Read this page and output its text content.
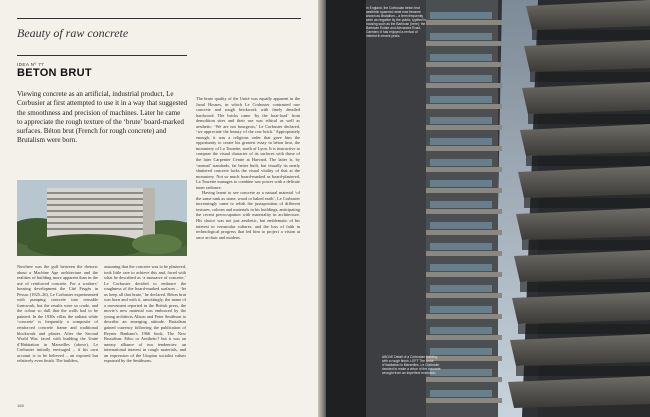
Beauty of raw concrete
IDEA Nº 77
BETON BRUT
Viewing concrete as an artificial, industrial product, Le Corbusier at first attempted to use it in a way that suggested the smoothness and precision of machines. Later he came to appreciate the rough texture of the ‘brute’ board-marked surfaces. Béton brut (French for rough concrete) and Brutalism were born.

Nowhere was the gulf between the rhetoric about a Machine Age architecture and the realities of building more apparent than in the use of reinforced concrete. For a workers’ housing development the Cité Frugès in Pessac (1925–26), Le Corbusier experimented with pumping concrete into reusable formwork, but the results were so crude, and the colour so dull that the walls had to be painted. In the 1930s villas the radiant white ‘concrete’ is frequently a composite of reinforced concrete frame and traditional blockwork and plaster. After the Second World War, faced with building the Unité d’Habitation in Marseilles (above), Le Corbusier initially envisaged – if his own account is to be believed – an exposed but relatively even finish. The builders,

assuming that the concrete was to be plastered, took little care to achieve this and, faced with what he described as ‘a massacre of concrete,’ Le Corbusier decided to embrace the roughness of the board-marked surfaces – ‘let us keep all that brute,’ he declared. Béton brut was born and with it, unwittingly, the name of a movement reported in the British press, the movie’s new material was embraced by the young architects Alison and Peter Smithson to describe an emerging attitude. Brutalism gained currency following the publication of Reyner Banham’s 1966 book, The New Brutalism: Ethic or Aesthetic? but it was an uneasy alliance of two tendencies: an international interest in rough materials, and an expression of the Utopian socialist values espoused by the Smithsons.

The brute quality of the Unité was equally apparent in the Jaoul Houses, in which Le Corbusier contrasted raw concrete and rough brickwork with finely detailed hardwood. The bricks came ‘by the boat-load’ from demolition sites and their use was ethical as well as aesthetic: ‘We are not bourgeois,’ Le Corbusier declared, ‘we appreciate the beauty of the raw brick.’ Appropriately enough, it was a religious order that gave him the opportunity to create his greatest essay in béton brut, the monastery of La Tourette, north of Lyon. It is instructive to compare the visual character of its surfaces with those of the later Carpenter Centre at Harvard. The latter is, by ‘normal’ standards, far better built, but visually its neatly shuttered concrete lacks the visual vitality of that at the monastery. Not so much board-marked as board-plastered, La Tourette manages to combine raw power with a delicate inner radiance.

Having learnt to see concrete as a natural material ‘of the same rank as stone, wood or baked earth’, Le Corbusier increasingly came to relish the juxtaposition of different textures, colours and materials in his buildings, anticipating the recent preoccupation with materiality in architecture. His choice was not just aesthetic, but emblematic of his interest in vernacular cultures, and the loss of faith in technological progress that led him to project a vision at once archaic and modern.

168
In England, the Corbusian béton brut aesthetic spawned what now became known as Brutalism – a term frequently seen as negative by the public, typified in housing such as the Barbican (here): the Barbican Estate and Alexandra Road, Camden; it has enjoyed a revival of interest in recent years.
ABOVE Detail of a Corbusian building with a rough finish. LEFT The Unité d’Habitation in Marseilles, Le Corbusier decided to make a virtue of the concrete wrought from an imperfect execution.
